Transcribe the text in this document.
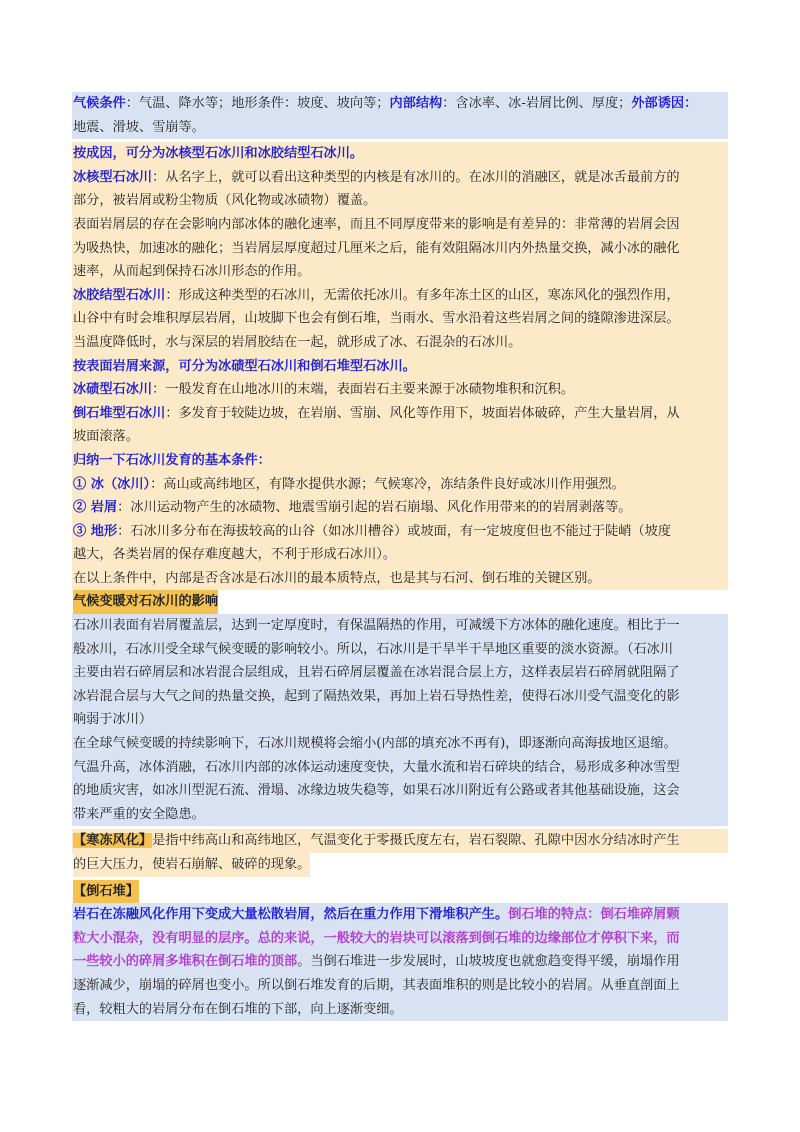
气候条件：气温、降水等；地形条件：坡度、坡向等；内部结构：含冰率、冰-岩屑比例、厚度；外部诱因：
地震、滑坡、雪崩等。
按成因，可分为冰核型石冰川和冰胶结型石冰川。
冰核型石冰川：从名字上，就可以看出这种类型的内核是有冰川的。在冰川的消融区，就是冰舌最前方的
部分，被岩屑或粉尘物质（风化物或冰碛物）覆盖。
表面岩屑层的存在会影响内部冰体的融化速率，而且不同厚度带来的影响是有差异的：非常薄的岩屑会因
为吸热快，加速冰的融化；当岩屑层厚度超过几厘米之后，能有效阻隔冰川内外热量交换，减小冰的融化
速率，从而起到保持石冰川形态的作用。
冰胶结型石冰川：形成这种类型的石冰川，无需依托冰川。有多年冻土区的山区，寒冻风化的强烈作用，
山谷中有时会堆积厚层岩屑，山坡脚下也会有倒石堆，当雨水、雪水沿着这些岩屑之间的缝隙渗进深层。
当温度降低时，水与深层的岩屑胶结在一起，就形成了冰、石混杂的石冰川。
按表面岩屑来源，可分为冰碛型石冰川和倒石堆型石冰川。
冰碛型石冰川：一般发育在山地冰川的末端，表面岩石主要来源于冰碛物堆积和沉积。
倒石堆型石冰川：多发育于较陡边坡，在岩崩、雪崩、风化等作用下，坡面岩体破碎，产生大量岩屑，从
坡面滚落。
归纳一下石冰川发育的基本条件：
① 冰（冰川）：高山或高纬地区，有降水提供水源；气候寒冷，冻结条件良好或冰川作用强烈。
② 岩屑：冰川运动物产生的冰碛物、地震雪崩引起的岩石崩塌、风化作用带来的的岩屑剥落等。
③ 地形：石冰川多分布在海拔较高的山谷（如冰川槽谷）或坡面，有一定坡度但也不能过于陡峭（坡度
越大，各类岩屑的保存难度越大，不利于形成石冰川）。
在以上条件中，内部是否含冰是石冰川的最本质特点，也是其与石河、倒石堆的关键区别。
气候变暖对石冰川的影响
石冰川表面有岩屑覆盖层，达到一定厚度时，有保温隔热的作用，可减缓下方冰体的融化速度。相比于一
般冰川，石冰川受全球气候变暖的影响较小。所以，石冰川是干旱半干旱地区重要的淡水资源。（石冰川
主要由岩石碎屑层和冰岩混合层组成，且岩石碎屑层覆盖在冰岩混合层上方，这样表层岩石碎屑就阻隔了
冰岩混合层与大气之间的热量交换，起到了隔热效果，再加上岩石导热性差，使得石冰川受气温变化的影
响弱于冰川）
在全球气候变暖的持续影响下，石冰川规模将会缩小(内部的填充冰不再有)，即逐渐向高海拔地区退缩。
气温升高，冰体消融，石冰川内部的冰体运动速度变快，大量水流和岩石碎块的结合，易形成多种冰雪型
的地质灾害，如冰川型泥石流、滑塌、冰缘边坡失稳等，如果石冰川附近有公路或者其他基础设施，这会
带来严重的安全隐患。
【寒冻风化】是指中纬高山和高纬地区，气温变化于零摄氏度左右，岩石裂隙、孔隙中因水分结冰时产生
的巨大压力，使岩石崩解、破碎的现象。
【倒石堆】
岩石在冻融风化作用下变成大量松散岩屑，然后在重力作用下滑堆积产生。倒石堆的特点：倒石堆碎屑颗
粒大小混杂，没有明显的层序。总的来说，一般较大的岩块可以滚落到倒石堆的边缘部位才停积下来，而
一些较小的碎屑多堆积在倒石堆的顶部。当倒石堆进一步发展时，山坡坡度也就愈趋变得平缓，崩塌作用
逐渐减少，崩塌的碎屑也变小。所以倒石堆发育的后期，其表面堆积的则是比较小的岩屑。从垂直剖面上
看，较粗大的岩屑分布在倒石堆的下部，向上逐渐变细。
